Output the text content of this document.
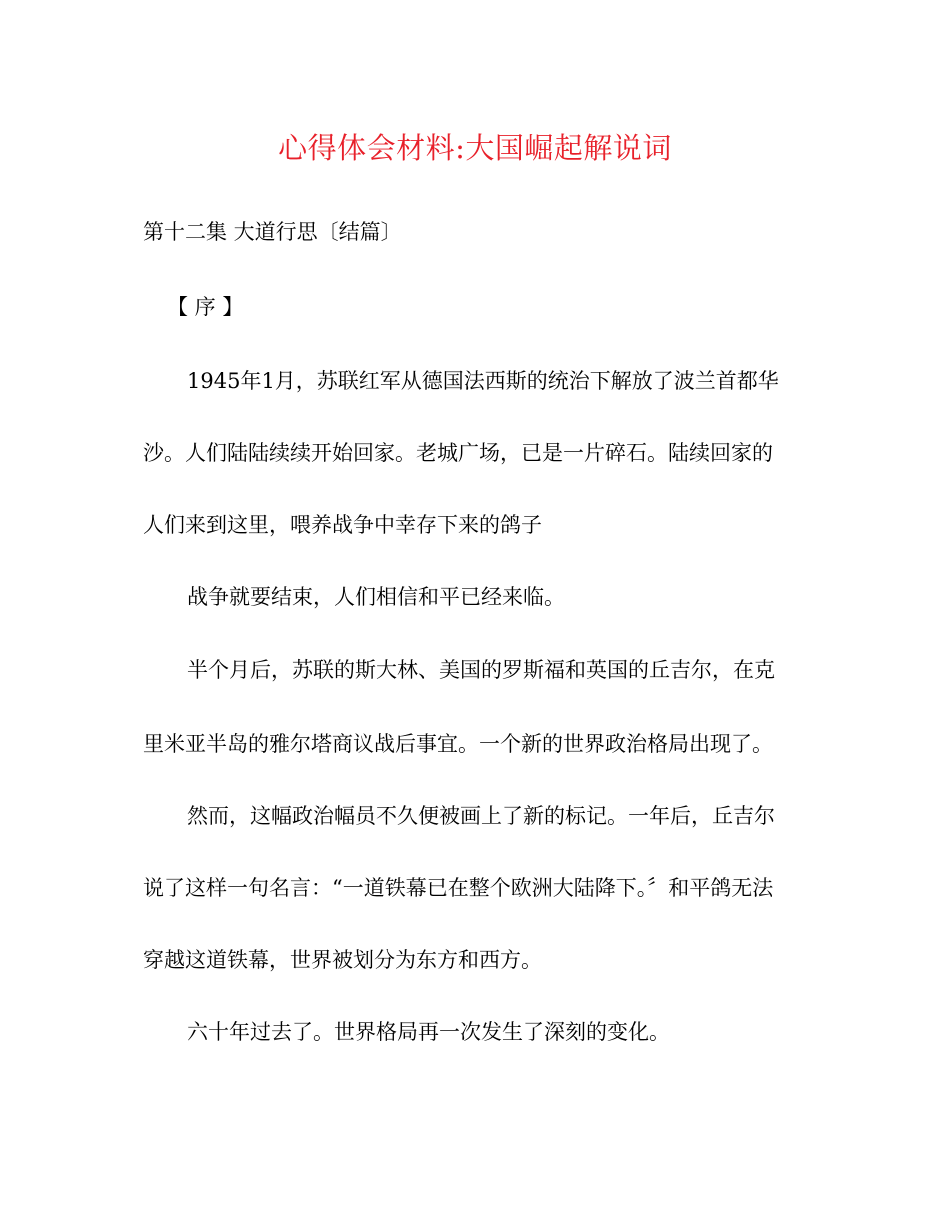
心得体会材料:大国崛起解说词
第十二集 大道行思〔结篇〕
【 序 】
1945年1月，苏联红军从德国法西斯的统治下解放了波兰首都华
沙。人们陆陆续续开始回家。老城广场，已是一片碎石。陆续回家的
人们来到这里，喂养战争中幸存下来的鸽子
战争就要结束，人们相信和平已经来临。
半个月后，苏联的斯大林、美国的罗斯福和英国的丘吉尔，在克
里米亚半岛的雅尔塔商议战后事宜。一个新的世界政治格局出现了。
然而，这幅政治幅员不久便被画上了新的标记。一年后，丘吉尔
说了这样一句名言：“一道铁幕已在整个欧洲大陆降下。〞和平鸽无法
穿越这道铁幕，世界被划分为东方和西方。
六十年过去了。世界格局再一次发生了深刻的变化。
